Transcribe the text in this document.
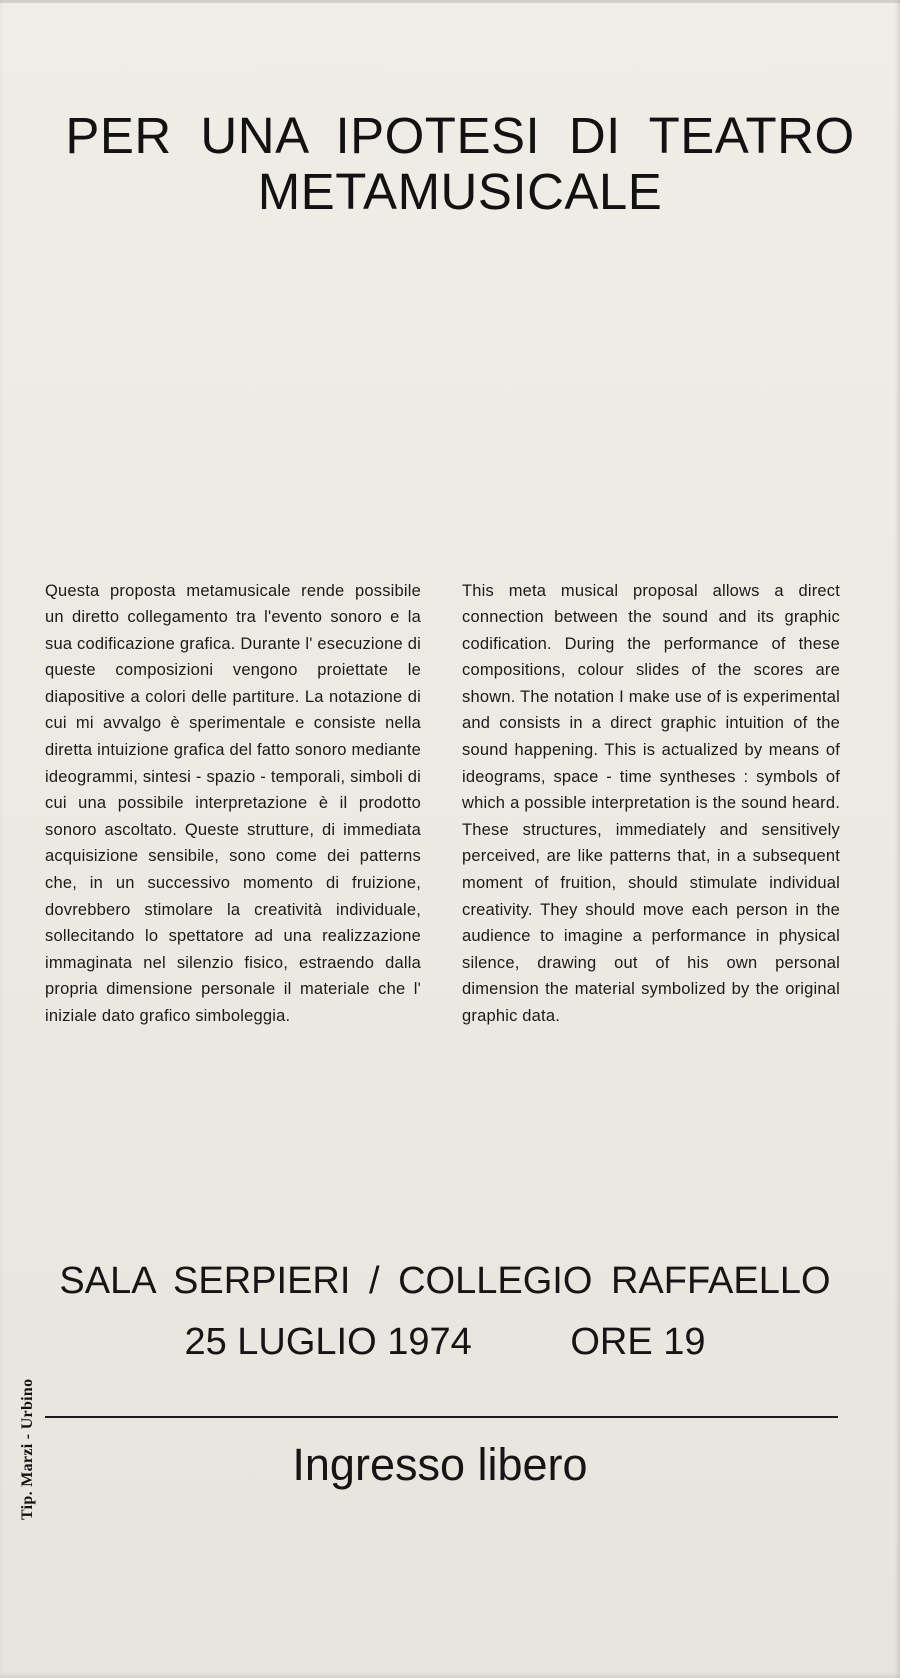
PER UNA IPOTESI DI TEATRO
METAMUSICALE

Questa proposta metamusicale rende possibile un diretto collegamento tra l'evento sonoro e la sua codificazione grafica. Durante l' esecuzione di queste composizioni vengono proiettate le diapositive a colori delle partiture. La notazione di cui mi avvalgo è sperimentale e consiste nella diretta intuizione grafica del fatto sonoro mediante ideogrammi, sintesi - spazio - temporali, simboli di cui una possibile interpretazione è il prodotto sonoro ascoltato. Queste strutture, di immediata acquisizione sensibile, sono come dei patterns che, in un successivo momento di fruizione, dovrebbero stimolare la creatività individuale, sollecitando lo spettatore ad una realizzazione immaginata nel silenzio fisico, estraendo dalla propria dimensione personale il materiale che l' iniziale dato grafico simboleggia.

This meta musical proposal allows a direct connection between the sound and its graphic codification. During the performance of these compositions, colour slides of the scores are shown. The notation I make use of is experimental and consists in a direct graphic intuition of the sound happening. This is actualized by means of ideograms, space - time syntheses : symbols of which a possible interpretation is the sound heard. These structures, immediately and sensitively perceived, are like patterns that, in a subsequent moment of fruition, should stimulate individual creativity. They should move each person in the audience to imagine a performance in physical silence, drawing out of his own personal dimension the material symbolized by the original graphic data.

SALA SERPIERI / COLLEGIO RAFFAELLO
25 LUGLIO 1974	ORE 19
Ingresso libero
Tip. Marzi - Urbino
